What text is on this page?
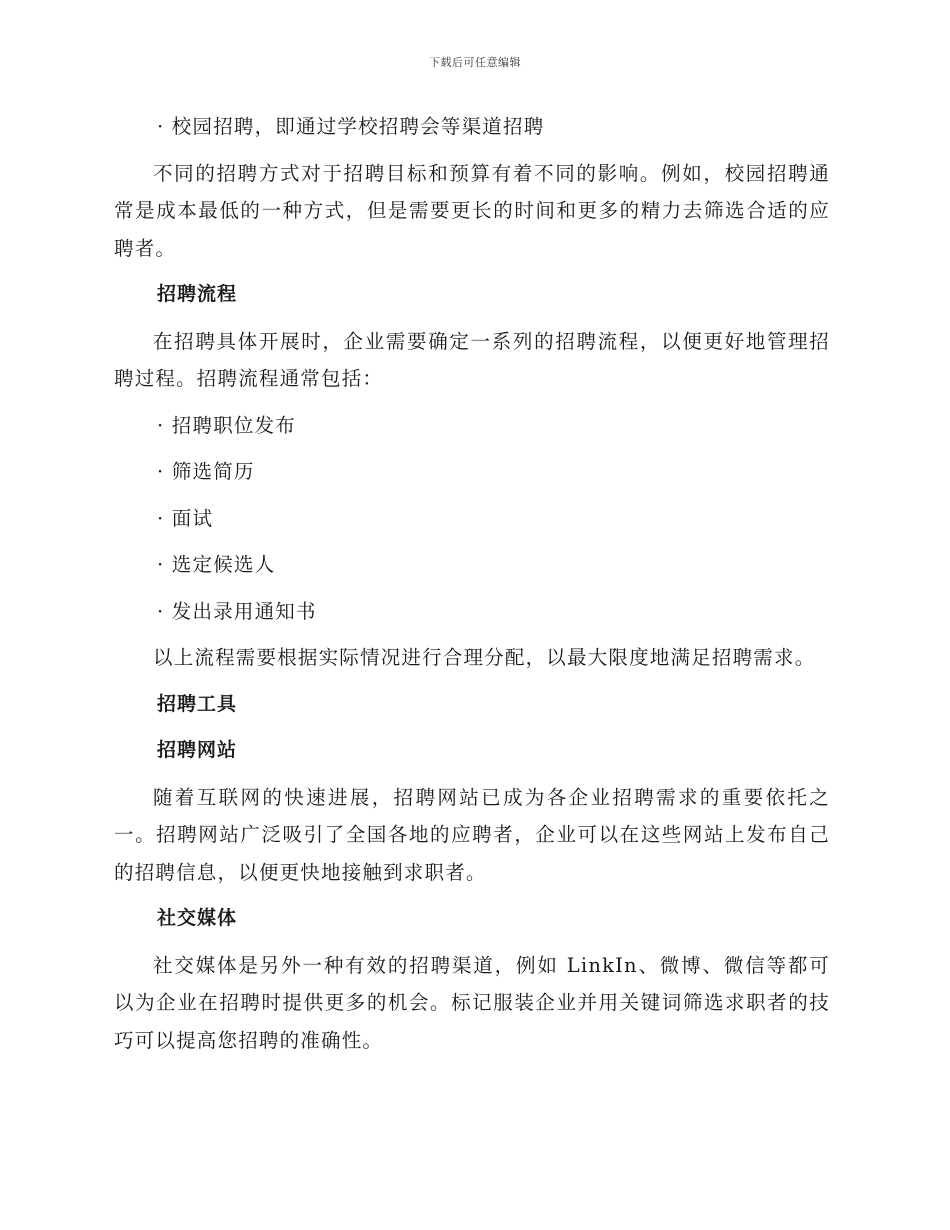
下载后可任意编辑

· 校园招聘，即通过学校招聘会等渠道招聘

不同的招聘方式对于招聘目标和预算有着不同的影响。例如，校园招聘通常是成本最低的一种方式，但是需要更长的时间和更多的精力去筛选合适的应聘者。

招聘流程

在招聘具体开展时，企业需要确定一系列的招聘流程，以便更好地管理招聘过程。招聘流程通常包括：

· 招聘职位发布

· 筛选简历

· 面试

· 选定候选人

· 发出录用通知书

以上流程需要根据实际情况进行合理分配，以最大限度地满足招聘需求。

招聘工具

招聘网站

随着互联网的快速进展，招聘网站已成为各企业招聘需求的重要依托之一。招聘网站广泛吸引了全国各地的应聘者，企业可以在这些网站上发布自己的招聘信息，以便更快地接触到求职者。

社交媒体

社交媒体是另外一种有效的招聘渠道，例如 LinkIn、微博、微信等都可以为企业在招聘时提供更多的机会。标记服装企业并用关键词筛选求职者的技巧可以提高您招聘的准确性。
